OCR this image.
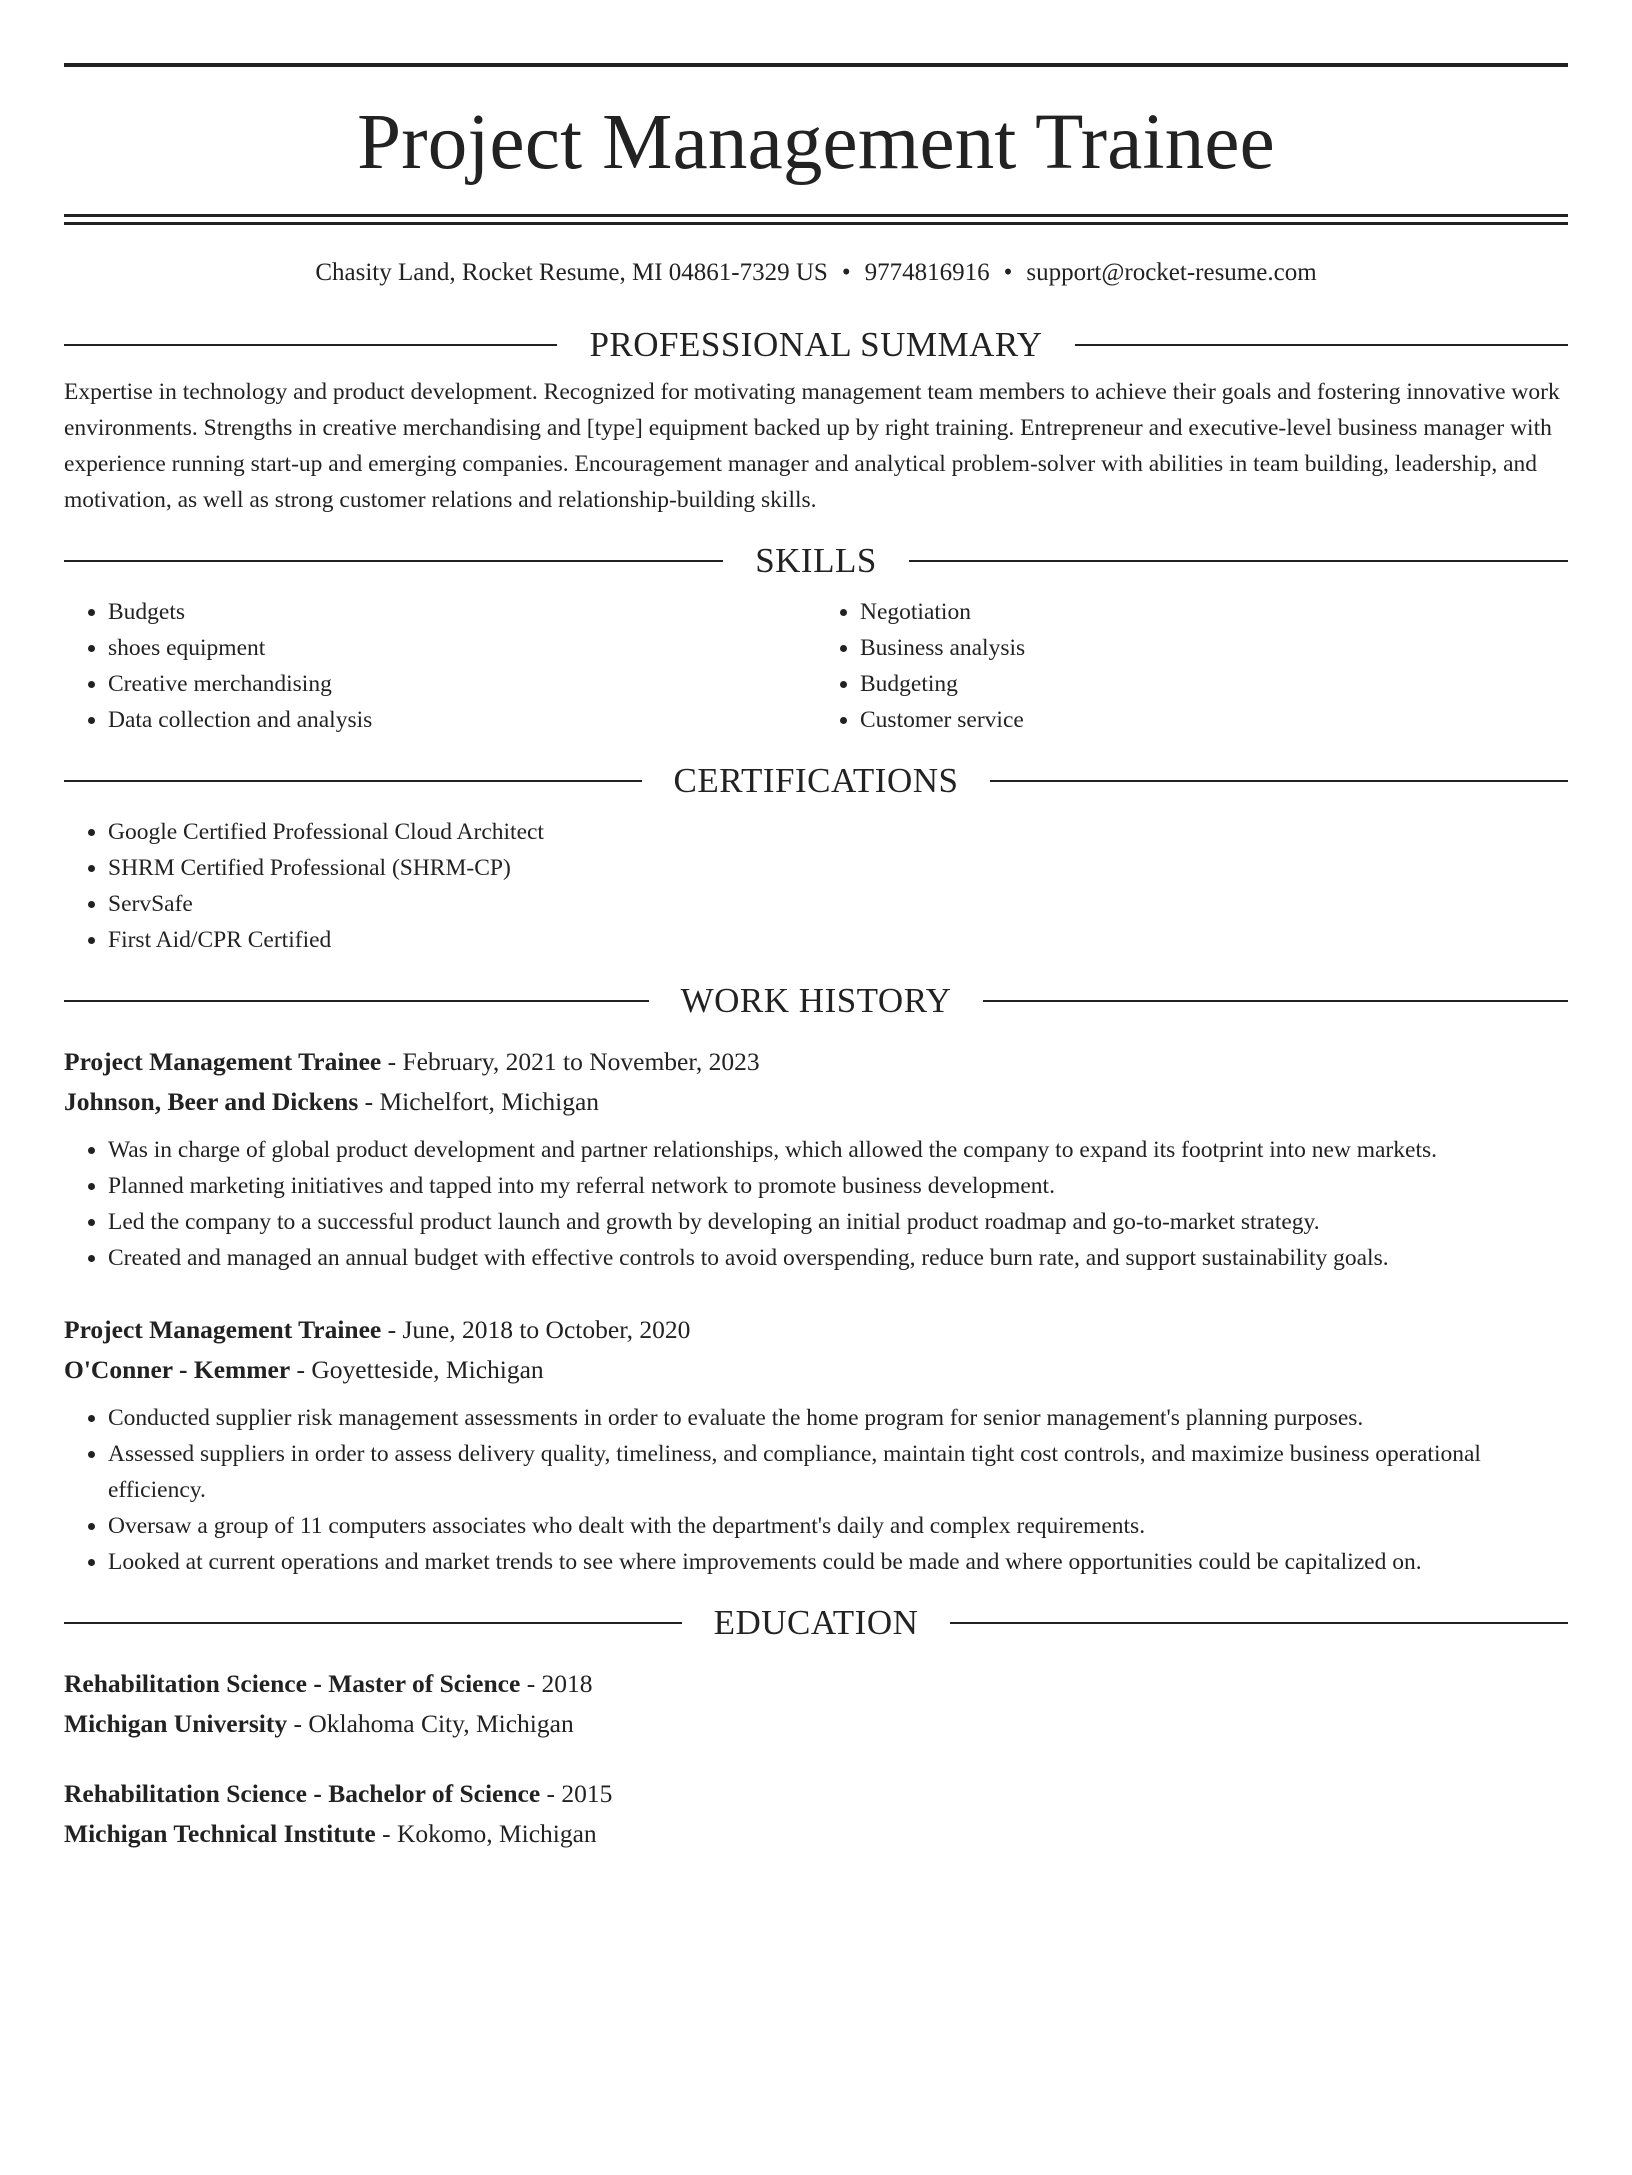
Project Management Trainee
Chasity Land, Rocket Resume, MI 04861-7329 US • 9774816916 • support@rocket-resume.com
PROFESSIONAL SUMMARY
Expertise in technology and product development. Recognized for motivating management team members to achieve their goals and fostering innovative work environments. Strengths in creative merchandising and [type] equipment backed up by right training. Entrepreneur and executive-level business manager with experience running start-up and emerging companies. Encouragement manager and analytical problem-solver with abilities in team building, leadership, and motivation, as well as strong customer relations and relationship-building skills.
SKILLS
• Budgets
• shoes equipment
• Creative merchandising
• Data collection and analysis
• Negotiation
• Business analysis
• Budgeting
• Customer service
CERTIFICATIONS
• Google Certified Professional Cloud Architect
• SHRM Certified Professional (SHRM-CP)
• ServSafe
• First Aid/CPR Certified
WORK HISTORY
Project Management Trainee - February, 2021 to November, 2023
Johnson, Beer and Dickens - Michelfort, Michigan
• Was in charge of global product development and partner relationships, which allowed the company to expand its footprint into new markets.
• Planned marketing initiatives and tapped into my referral network to promote business development.
• Led the company to a successful product launch and growth by developing an initial product roadmap and go-to-market strategy.
• Created and managed an annual budget with effective controls to avoid overspending, reduce burn rate, and support sustainability goals.
Project Management Trainee - June, 2018 to October, 2020
O'Conner - Kemmer - Goyetteside, Michigan
• Conducted supplier risk management assessments in order to evaluate the home program for senior management's planning purposes.
• Assessed suppliers in order to assess delivery quality, timeliness, and compliance, maintain tight cost controls, and maximize business operational efficiency.
• Oversaw a group of 11 computers associates who dealt with the department's daily and complex requirements.
• Looked at current operations and market trends to see where improvements could be made and where opportunities could be capitalized on.
EDUCATION
Rehabilitation Science - Master of Science - 2018
Michigan University - Oklahoma City, Michigan
Rehabilitation Science - Bachelor of Science - 2015
Michigan Technical Institute - Kokomo, Michigan
